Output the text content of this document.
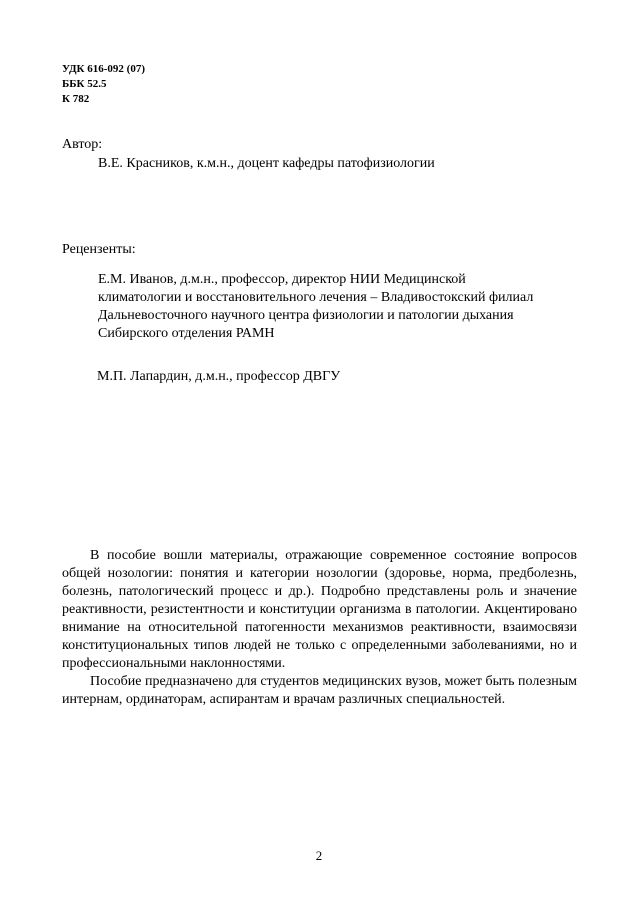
УДК 616-092 (07)
ББК 52.5
К 782
Автор:
В.Е. Красников, к.м.н., доцент кафедры патофизиологии
Рецензенты:
Е.М. Иванов, д.м.н., профессор, директор НИИ Медицинской
климатологии и восстановительного лечения – Владивостокский филиал
Дальневосточного научного центра физиологии и патологии дыхания
Сибирского отделения РАМН
М.П. Лапардин, д.м.н., профессор ДВГУ

В пособие вошли материалы, отражающие современное состояние вопросов общей нозологии: понятия и категории нозологии (здоровье, норма, предболезнь, болезнь, патологический процесс и др.). Подробно представлены роль и значение реактивности, резистентности и конституции организма в патологии. Акцентировано внимание на относительной патогенности механизмов реактивности, взаимосвязи конституциональных типов людей не только с определенными заболеваниями, но и профессиональными наклонностями.

Пособие предназначено для студентов медицинских вузов, может быть полезным интернам, ординаторам, аспирантам и врачам различных специальностей.

2
